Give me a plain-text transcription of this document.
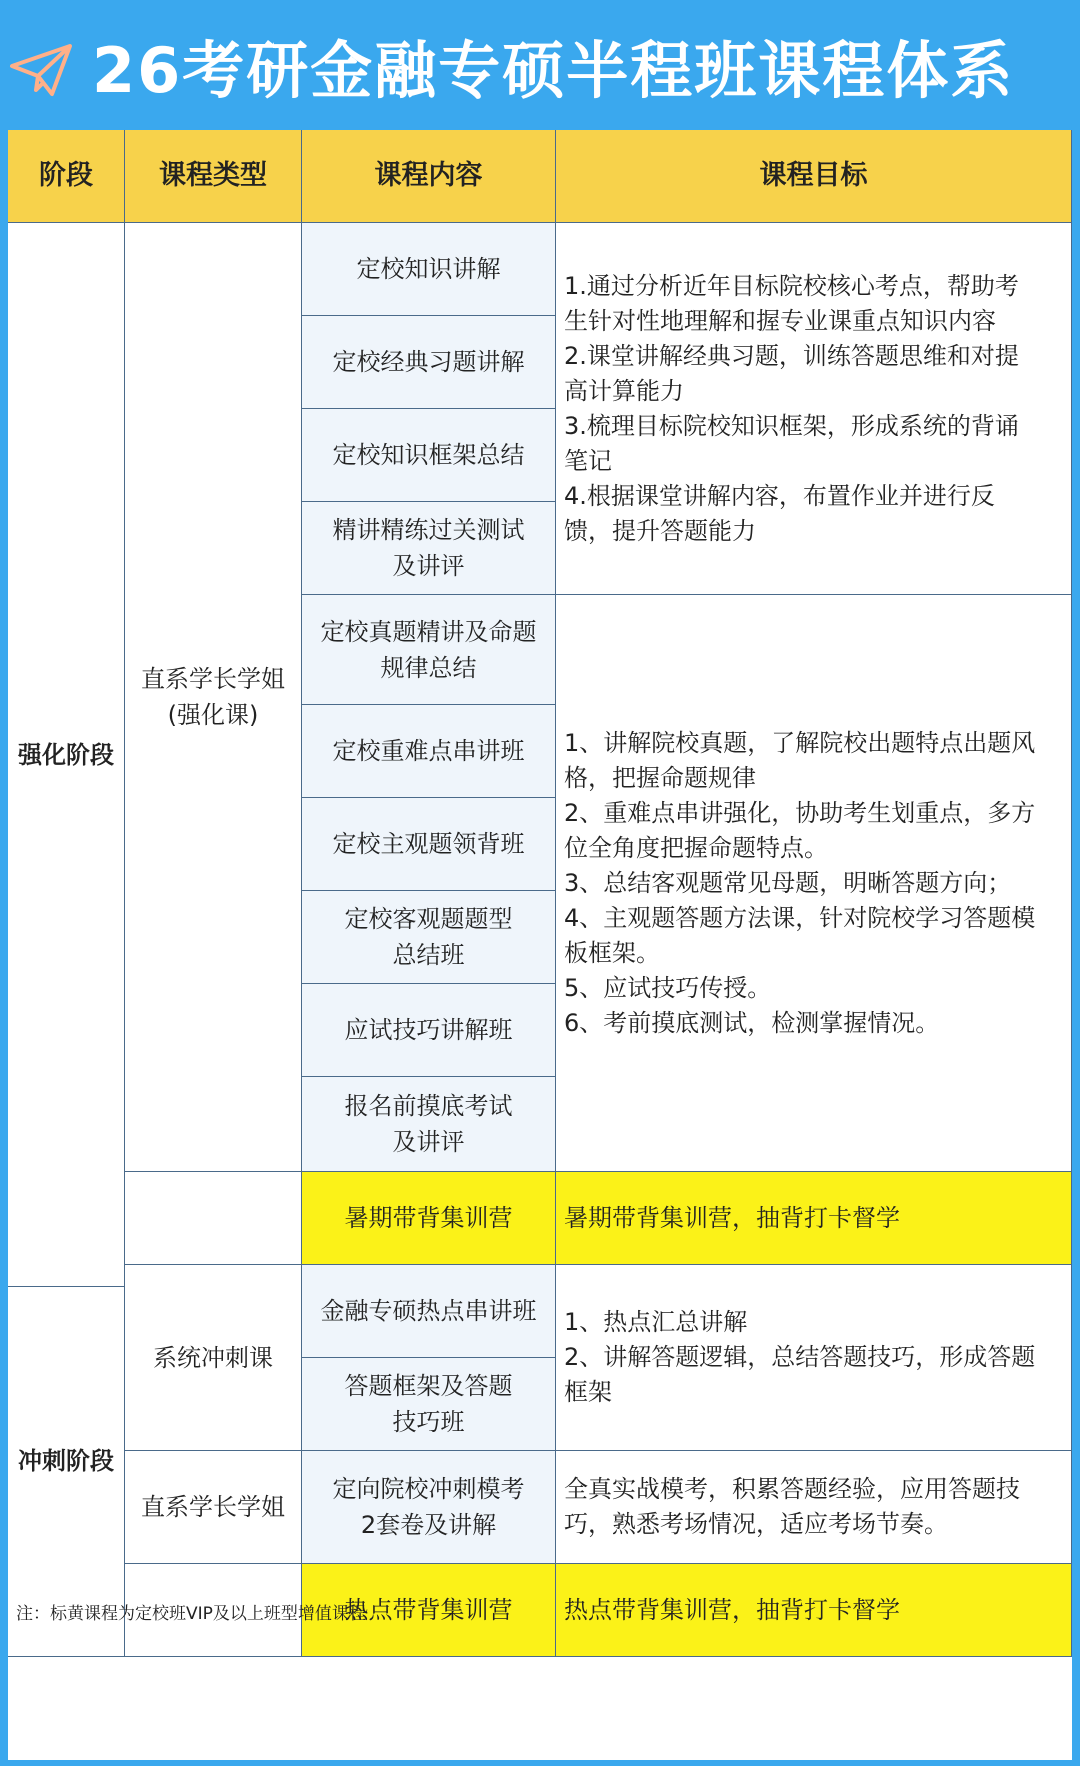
26考研金融专硕半程班课程体系
阶段 课程类型	课程内容	课程目标
强化阶段
直系学长学姐
(强化课)
定校知识讲解
定校经典习题讲解
定校知识框架总结
精讲精练过关测试
及讲评
1.通过分析近年目标院校核心考点，帮助考
生针对性地理解和握专业课重点知识内容
2.课堂讲解经典习题，训练答题思维和对提
高计算能力
3.梳理目标院校知识框架，形成系统的背诵
笔记
4.根据课堂讲解内容，布置作业并进行反
馈，提升答题能力
定校真题精讲及命题
规律总结
定校重难点串讲班
定校主观题领背班
定校客观题题型
总结班
应试技巧讲解班
报名前摸底考试
及讲评
1、讲解院校真题，了解院校出题特点出题风
格，把握命题规律
2、重难点串讲强化，协助考生划重点，多方
位全角度把握命题特点。
3、总结客观题常见母题，明晰答题方向；
4、主观题答题方法课，针对院校学习答题模
板框架。
5、应试技巧传授。
6、考前摸底测试，检测掌握情况。
暑期带背集训营 暑期带背集训营，抽背打卡督学
冲刺阶段
系统冲刺课
金融专硕热点串讲班
答题框架及答题
技巧班
1、热点汇总讲解
2、讲解答题逻辑，总结答题技巧，形成答题
框架
直系学长学姐
定向院校冲刺模考
2套卷及讲解
全真实战模考，积累答题经验，应用答题技
巧，熟悉考场情况，适应考场节奏。
热点带背集训营 热点带背集训营，抽背打卡督学
注：标黄课程为定校班VIP及以上班型增值课程
大数跨境
